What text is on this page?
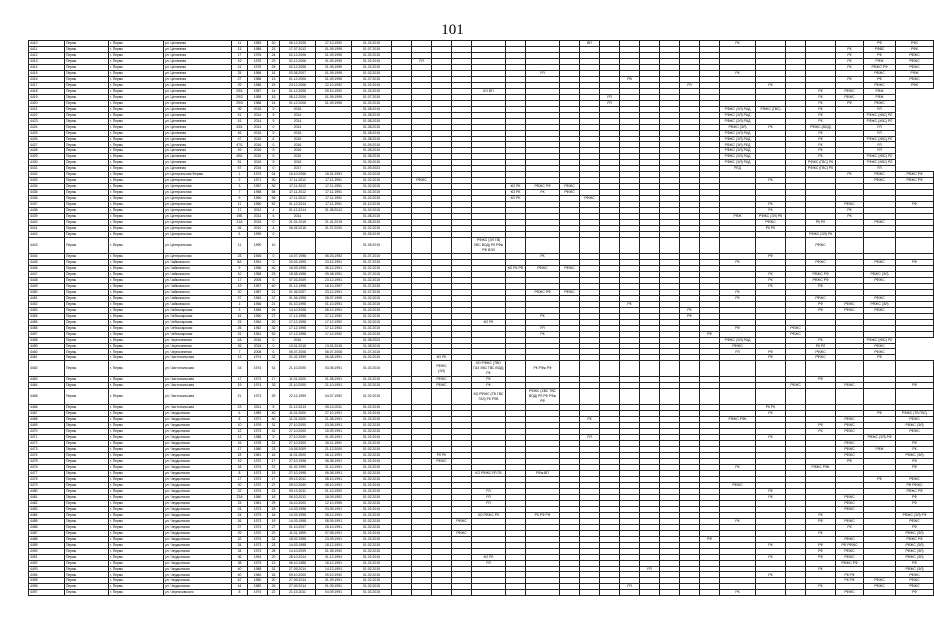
101
4410	Пермь	г. Пермь	ул. Целинная	11	1983	20	06.12.2006	27.10.1992	01.02.2015									ВП							РК					РФ	РФС
4411	Пермь	г. Пермь	ул. Целинная	13	1988	23	17.07.2012	01.09.1995	01.07.2015																				РК	РФВС	РФК
4412	Пермь	г. Пермь	ул. Целинная	17	1976	24	02.12.2006	01.09.1995	01.02.2015																				РК	РФ	РФЖС
4413	Пермь	г. Пермь	ул. Целинная	19	1975	23	02.12.2006	01.09.1995	01.02.2015		РЛ																		РК	РФЖ	РФЖС
4414	Пермь	г. Пермь	ул. Целинная	21	1975	25	02.12.2006	01.09.1995	01.02.2015																				РК	РФЖС РФ	РФЖС
4415	Пермь	г. Пермь	ул. Целинная	25	1986	16	03.08.2007	01.09.1995	01.02.2015							РЛ									РК					РФЖС	РФЖ
4416	Пермь	г. Пермь	ул. Целинная	27	1988	13	01.12.2006	01.09.1995	01.07.2015											РВ									РК	РФ	РФЖС
4417	Пермь	г. Пермь	ул. Целинная	29	1986	15	23.12.2006	22.10.1992	01.02.2015														РЛ			РК				РФЖС	РФК
4418	Пермь	г. Пермь	ул. Целинная	29/1	1987	14	01.12.2006	09.10.1992	01.02.2015					КО ВП														РК	РФЖС	РФЖ	
4419	Пермь	г. Пермь	ул. Целинная	29/2	1988	15	08.12.2006	01.09.1995	01.07.2015										РЛ									РК	РФЖС	РФЖ	
4420	Пермь	г. Пермь	ул. Целинная	29/3	1988	14	01.12.2006	01.09.1995	01.02.2015										РЛ									РК	РФ	РФЖС	
4421	Пермь	г. Пермь	ул. Целинная	39	2015	9	2015		01.08.2015																РФЖС (ЭЛ) РАД	РФЖС (ГВС)		РК		РЛ	
4422	Пермь	г. Пермь	ул. Целинная	41	2014	9	2014		01.08.2015																РФЖС (ЭЛ) РАД			РК		РФЖС (ХВС) РЛ	
4423	Пермь	г. Пермь	ул. Целинная	43	2014	9	2014		01.08.2015																РФЖС (ЭЛ) РАД			РК		РФЖС (ХВС) РЛ	
4424	Пермь	г. Пермь	ул. Целинная	43/1	2014	0	2014		01.08.2015																РФЖС (ЭЛ)	РК		РФЖС (ВОД)		РЛ	
4425	Пермь	г. Пермь	ул. Целинная	45	2015	9	2015		01.08.2015																РФЖС (ЭЛ) РАД			РК		РЛ	
4426	Пермь	г. Пермь	ул. Целинная	47	2015	6	2015		01.08.2015																РФЖС (ЭЛ) РАД			РК		РФЖС (ХВС) РЛ	
4427	Пермь	г. Пермь	ул. Целинная	47/1	2016	0	2016		01.09.2015																РФЖС (ЭЛ) РЕД			РК		РЛ	
4428	Пермь	г. Пермь	ул. Целинная	49	2016	9	2016		01.08.2015																РФЖС (ЭЛ) РАД			РК		РЛ	
4429	Пермь	г. Пермь	ул. Целинная	49/1	2015	9	2015		01.08.2015																РФЖС (ЭЛ) РАД			РК		РФЖС (ХВС) РЛ	
4430	Пермь	г. Пермь	ул. Целинная	51	2015	9	2015		01.09.2015																РФЖС (ЭЛ) РАД			РФЖС (ГВС) РК		РФЖС (ХВС) РЛ	
4431	Пермь	г. Пермь	ул. Целинная	57	2016	0	2017		01.09.2023																РЕД			РФЖС (ГВС) РК		РЛ	
4432	Пермь	г. Пермь	ул. Центральная Ферма	1	1973	24	15.10.2006	18.01.1991	01.02.2015																				РК	РФЖС	РФЖС РФ
4433	Пермь	г. Пермь	ул. Центральная	2	1971	30	17.11.2012	17.11.1991	01.02.2015		РФЖС															РК				РФЖС	РФЖС РФ
4434	Пермь	г. Пермь	ул. Центральная	3	1957	30	17.11.2012	17.11.1991	01.02.2015						КО РК	РФЖС РФ	РФЖС														
4435	Пермь	г. Пермь	ул. Центральная	7	1958	58	17.11.2012	17.11.1991	01.02.2015						КО РК	РК	РФЖС														
4436	Пермь	г. Пермь	ул. Центральная	9	1960	56	17.11.2012	17.11.1991	01.02.2015						КО РК			РФЖС													
4437	Пермь	г. Пермь	ул. Центральная	11	1960	52	01.12.2014	17.11.1991	01.12.2015																	РК			РФЖС		РФ
4438	Пермь	г. Пермь	ул. Центральная	17	2012	4	01.12.2014	01.08.2012	01.02.2015																	РК			РК		
4439	Пермь	г. Пермь	ул. Центральная	19Б	2014	6	2014		01.08.2015																РФЖ	РФЖС (ЭЛ) РК			РК		
4440	Пермь	г. Пермь	ул. Центральная	21А	2015	0	21.01.2015	21.01.2015	01.08.2015																	РФЖС		РК РЛ		РФЖС	
4441	Пермь	г. Пермь	ул. Центральная	25	2010	4	06.04.2016	01.07.2020	01.02.2015																	РК РК					
4442	Пермь	г. Пермь	ул. Центральная	5	1999	0			01.05.2019																			РФЖС (ЭЛ) РК			
4443	Пермь	г. Пермь	ул. Центральная	11	1990	10			01.05.2019					РФЖС (ЭЛ ТВ) ХВС ВОД) РК РФж РФ ВЭЛ														РФЖС			
4444	Пермь	г. Пермь	ул. Центральная	23	1965	0	14.07.1998	06.03.1992	01.07.2015							РК										РФ					
4445	Пермь	г. Пермь	ул. Чайковского	8А	1991	2	20.03.1995	23.12.1991	01.07.2015																РК			РФЖС		РФЖС	РФ
4446	Пермь	г. Пермь	ул. Чайковского	9	1956	40	16.03.1998	06.12.1991	01.02.2015						КО РК РФ	РФЖС	РФЖС														
4447	Пермь	г. Пермь	ул. Чайковского	10	1958	23	18.08.1998	09.08.1991	01.07.2015																	РК		РФЖС РФ		РФЖС (ЭЛ)	
4448	Пермь	г. Пермь	ул. Чайковского	17	2005	5	07.03.2009	23.12.1991	01.02.2015																	РК		РФЖС РФ		РФЖС	
4449	Пермь	г. Пермь	ул. Чайковского	19	1957	40	01.12.1998	16.10.1997	01.07.2015																	РК		РФ			
4450	Пермь	г. Пермь	ул. Чайковского	20	1987	21	01.06.2007	23.12.1991	01.07.2015							РФЖС РФ	РФЖС								РК						
4451	Пермь	г. Пермь	ул. Чайковского	27	1963	37	01.06.1998	08.07.1995	01.02.2015																РК			РФЖС		РФЖС	
4452	Пермь	г. Пермь	ул. Чайковского	1	1966	21	01.10.1998	01.10.1991	01.02.2015											РК								РФ	РФЖС	РФЖС (ЭЛ)	
4453	Пермь	г. Пермь	ул. Чебоксарская	3	1965	26	14.10.2008	06.12.1991	01.02.2015														РК					РФ	РФЖС	РФЖС	
4454	Пермь	г. Пермь	ул. Чебоксарская	15	1960	27	17.12.1998	17.12.1992	01.02.2015							РК							РФ								
4455	Пермь	г. Пермь	ул. Чебоксарская	23	1962	20	17.12.1998	17.12.1992	01.02.2015					КО РК																	
4456	Пермь	г. Пермь	ул. Чебоксарская	25	1962	32	17.12.1998	17.12.1992	01.02.2015							РЛ									РФ		РФЖС				
4457	Пермь	г. Пермь	ул. Чебоксарская	31	1961	52	17.12.1998	17.12.1992	01.02.2015							РК								РФ			РФЖС				
4458	Пермь	г. Пермь	ул. Черноземная	2А	2016	0	2016		01.08.2023																РФЖС (ЭЛ) РАД			РК		РФЖС (ХВС) РЛ	
4459	Пермь	г. Пермь	ул. Черноземная	26	2015	0	13.01.2015	13.01.2015	01.08.2015																РФЖС			РК РЛ		РФЖС	
4460	Пермь	г. Пермь	ул. Черноземная	7	2008	0	06.07.2008	06.07.2008	01.07.2015																РЛ	РФ		РФЖС		РФЖС	
4461	Пермь	г. Пермь	ул. Чистопольская	13	1974	32	01.02.1999	06.08.1991	01.02.2015			КО РК														РФ		РФЖС		РФ	
4462	Пермь	г. Пермь	ул. Чистопольская	15	1974	31	21.10.2000	03.06.1991	01.02.2015			РФЖС (ЭЛ)		КО РФЖС (ТВО ГАЗ ХВС ГВС ВОД) РК		РК РФж РФ															
4463	Пермь	г. Пермь	ул. Чистопольская	17	1973	17	11.01.2000	01.08.1991	01.02.2015			РФЖС		РК														РФ			
4464	Пермь	г. Пермь	ул. Чистопольская	19	1974	33	21.10.2000	21.10.1991	01.02.2015			РФЖС		РК													РФЖС		РФЖС		РФ
4465	Пермь	г. Пермь	ул. Чистопольская	21	1973	29	22.12.1999	04.07.1992	01.02.2015					КО РФЖС (ТВ ГВС ГАЗ) РК РЛВ		РФЖС (ХВС ТВС ВОД) РЛ РФ РФж РФ															
4466	Пермь	г. Пермь	ул. Чистопольская	23	2011	5	21.12.2013	05.10.2011	01.02.2015																	РК РК					
4467	Пермь	г. Пермь	ул. Чердынская	6	1989	40	11.01.2000	27.10.1991	01.02.2015																	РК				РФ	РФЖС (ТВ ГВС)
4468	Пермь	г. Пермь	ул. Чердынская	8	1971	40	11.01.2000	21.08.1991	01.02.2015									РК							РФЖС РФК				РФЖС		РФЖС
4469	Пермь	г. Пермь	ул. Чердынская	10	1976	31	27.10.2000	03.08.1991	01.02.2015																			РФ	РФЖС		РФЖС (ЭЛ)
4470	Пермь	г. Пермь	ул. Чердынская	12	1973	31	27.10.2000	15.09.1991	01.02.2015																			РК	РФЖС		РФЖС
4471	Пермь	г. Пермь	ул. Чердынская	13	1988	9	27.10.2000	01.09.1991	01.02.2015									РЛ								РК				РФЖС (ЭЛ) РФ	
4472	Пермь	г. Пермь	ул. Чердынская	16	1978	22	27.10.2000	26.11.1991	01.02.2015																				РФЖС		РФ
4473	Пермь	г. Пермь	ул. Чердынская	17	1980	23	10.05.2009	21.12.2000	01.02.2015																				РФЖС	РФЖ	РК
4474	Пермь	г. Пермь	ул. Чердынская	18	1981	16	11.01.2000	06.12.1991	01.02.2015			РЛ РК																	РФЖС		РФЖС (ЭЛ)
4475	Пермь	г. Пермь	ул. Чердынская	19	1972	17	27.10.1998	06.08.1991	01.02.2015			РФЖС																	РФ		РФ
4476	Пермь	г. Пермь	ул. Чердынская	18	1974	37	01.02.1999	31.10.1991	01.02.2015																РК			РФЖС РФК			РФ
4477	Пермь	г. Пермь	ул. Чердынская	8	1973	19	27.10.1998	06.08.1991	01.02.2015					КО РФЖС РЛ ГВ		РФж ВП															
4478	Пермь	г. Пермь	ул. Чердынская	17	1973	17	09.10.2011	08.10.1991	01.02.2015																					РФ	РФЖС
4479	Пермь	г. Пермь	ул. Чердынская	20	1972	27	09.10.2000	08.10.1991	01.02.2015																РФЖС						РФ РФЖС
4480	Пермь	г. Пермь	ул. Чердынская	22	1974	23	09.10.2011	01.10.1992	01.02.2015					РЛ												РК					РФЖС РФ
4481	Пермь	г. Пермь	ул. Чердынская	22А	1980	18	06.10.2012	18.09.1992	01.02.2015					РЛ												РК			РФЖС		РФ
4482	Пермь	г. Пермь	ул. Чердынская	23	1981	29	16.10.2000	12.10.1995	01.02.2015					РЛ															РФЖС		РФ
4483	Пермь	г. Пермь	ул. Чердынская	24	1973	18	14.03.1998	03.09.1991	01.02.2015																				РФЖС		
4484	Пермь	г. Пермь	ул. Чердынская	24	1973	18	14.03.1998	08.12.1991	01.02.2015					КО РФЖС РЛ		РК РФ РФ												РК			РФЖС (ЭЛ) РФ
4485	Пермь	г. Пермь	ул. Чердынская	26	1973	19	14.03.1998	08.09.1991	01.02.2015				РФЖС												РК			РФ	РФЖС		РФЖС
4486	Пермь	г. Пермь	ул. Чердынская	27	1973	27	01.10.2007	26.10.1991	01.02.2015																				РК		РФ
4487	Пермь	г. Пермь	ул. Чердынская	29	1970	22	11.01.1999	07.08.1991	01.02.2015				РФЖС															РК			РФЖС (ЭЛ)
4488	Пермь	г. Пермь	ул. Чердынская	32	1974	32	18.02.1998	23.09.1991	01.02.2015															РФ					РФЖС		РФЖС РФ
4489	Пермь	г. Пермь	ул. Чердынская	34	1973	23	14.03.1998	18.12.1991	01.02.2015																	РК		РФ	РФ РФЖС		РФЖС (ЭЛ)
4490	Пермь	г. Пермь	ул. Чердынская	34	1973	28	14.10.2009	01.05.1992	01.02.2015																			РФ	РФЖС		РФЖС (ЭЛ)
4491	Пермь	г. Пермь	ул. Чердынская	36	1994	20	28.10.2014	01.12.1994	01.02.2015					КО РЛ												РК		РФ	РФЖС		РФЖС (ЭЛ)
4492	Пермь	г. Пермь	ул. Чердынская	38	1973	13	06.10.1988	18.12.1991	01.02.2015					РЛ															РФЖС РФ		РФ
4493	Пермь	г. Пермь	ул. Чердынская	40	1988	31	27.09.2014	14.12.1991	01.02.2015												РЛ							РК			РФЖС (ЭЛ)
4494	Пермь	г. Пермь	ул. Чердынская	40	1980	18	09.10.2000	09.10.1992	01.02.2015																	РК			РК РФ		РФЖС
4495	Пермь	г. Пермь	ул. Чердынская	42	1980	20	27.09.2014	01.09.1991	01.02.2015																				РК РФ	РФЖС	РФЖС
4496	Пермь	г. Пермь	ул. Чердынская	44	1980	26	27.09.2014	01.09.1991	01.02.2015											РЛ								РК		РФЖС	РФЖС
4497	Пермь	г. Пермь	ул. Черняховского	8	1974	22	21.10.2011	04.09.1991	01.02.2015																РК				РФЖС		РФ
